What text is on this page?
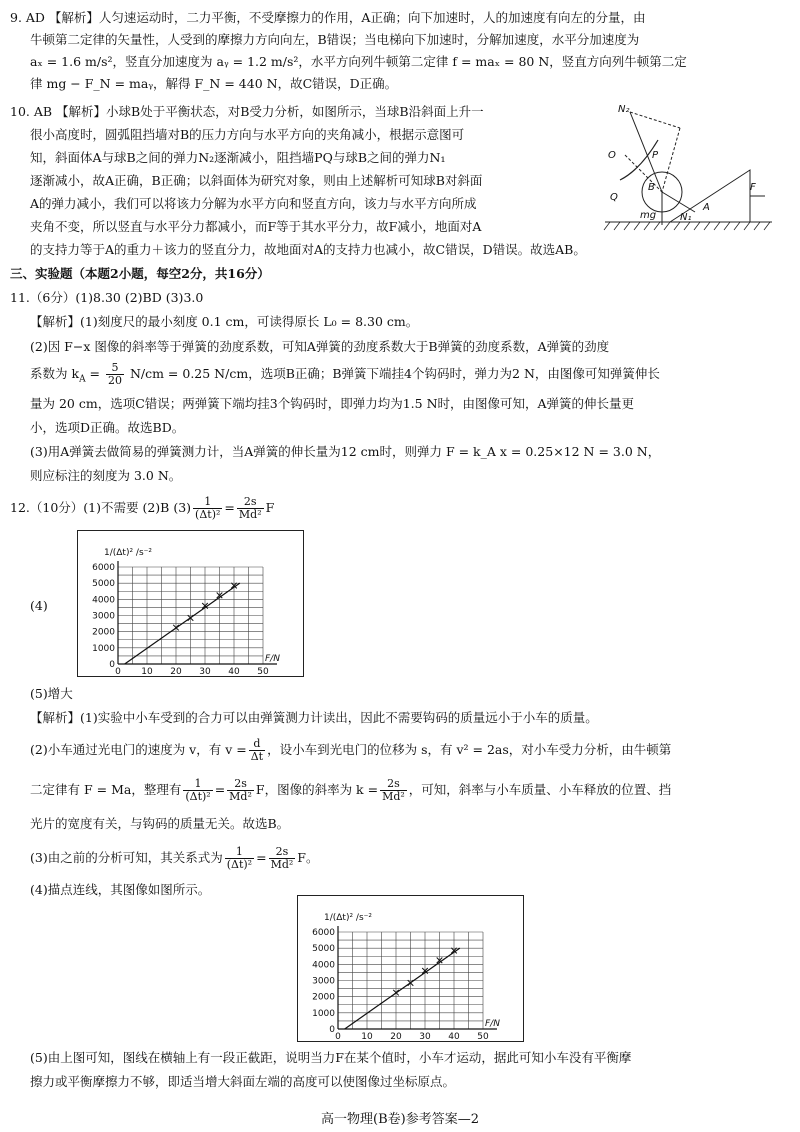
9. AD 【解析】人匀速运动时，二力平衡，不受摩擦力的作用，A正确；向下加速时，人的加速度有向左的分量，由
牛顿第二定律的矢量性，人受到的摩擦力方向向左，B错误；当电梯向下加速时，分解加速度，水平分加速度为
aₓ = 1.6 m/s²，竖直分加速度为 aᵧ = 1.2 m/s²，水平方向列牛顿第二定律 f = maₓ = 80 N，竖直方向列牛顿第二定
律 mg − F_N = maᵧ，解得 F_N = 440 N，故C错误，D正确。
10. AB 【解析】小球B处于平衡状态，对B受力分析，如图所示，当球B沿斜面上升一
很小高度时，圆弧阻挡墙对B的压力方向与水平方向的夹角减小，根据示意图可
知，斜面体A与球B之间的弹力N₂逐渐减小，阻挡墙PQ与球B之间的弹力N₁
逐渐减小，故A正确，B正确；以斜面体为研究对象，则由上述解析可知球B对斜面
A的弹力减小，我们可以将该力分解为水平方向和竖直方向，该力与水平方向所成
夹角不变，所以竖直与水平分力都减小，而F等于其水平分力，故F减小，地面对A
的支持力等于A的重力＋该力的竖直分力，故地面对A的支持力也减小，故C错误，D错误。故选AB。
N₂
O	P
B
Q
mg N₁
A
F
三、实验题（本题2小题，每空2分，共16分）
11.（6分）(1)8.30 (2)BD (3)3.0
【解析】(1)刻度尺的最小刻度 0.1 cm，可读得原长 L₀ = 8.30 cm。
(2)因 F−x 图像的斜率等于弹簧的劲度系数，可知A弹簧的劲度系数大于B弹簧的劲度系数，A弹簧的劲度
系数为 $k_A = \frac{5}{20} N/cm = 0.25$ N/cm，选项B正确；B弹簧下端挂4个钩码时，弹力为2 N，由图像可知弹簧伸长
量为 20 cm，选项C错误；两弹簧下端均挂3个钩码时，即弹力均为1.5 N时，由图像可知，A弹簧的伸长量更
小，选项D正确。故选BD。
(3)用A弹簧去做简易的弹簧测力计，当A弹簧的伸长量为12 cm时，则弹力 F = k_A x = 0.25×12 N = 3.0 N，
则应标注的刻度为 3.0 N。
12.（10分）(1)不需要 (2)B $(3) \frac{1}{\text{(Δt)²}} = \frac{2s}{\text{Md²}}$ F
(4)
0 10 20 30 40 50
0
1000
2000
3000
4000
5000
6000
F/N
1/(Δt)² /s⁻²
(5)增大
【解析】(1)实验中小车受到的合力可以由弹簧测力计读出，因此不需要钩码的质量远小于小车的质量。
(2)小车通过光电门的速度为 v，有 $v = \frac{d}{\Delta t}$ ，设小车到光电门的位移为 s，有 v² = 2as，对小车受力分析，由牛顿第
二定律有 F = Ma，整理有 $\frac{1}{\text{(Δt)²}} = \frac{2s}{\text{Md²}}$ F，图像的斜率为 $k = \frac{2s}{\text{Md²}}$ ，可知，斜率与小车质量、小车释放的位置、挡
光片的宽度有关，与钩码的质量无关。故选B。
(3)由之前的分析可知，其关系式为 $\frac{1}{\text{(Δt)²}} = \frac{2s}{\text{Md²}}$ F。
(4)描点连线，其图像如图所示。
0 10 20 30 40 50
0
1000
2000
3000
4000
5000
6000
F/N
1/(Δt)² /s⁻²
(5)由上图可知，图线在横轴上有一段正截距，说明当力F在某个值时，小车才运动，据此可知小车没有平衡摩
擦力或平衡摩擦力不够，即适当增大斜面左端的高度可以使图像过坐标原点。
高一物理(B卷)参考答案—2
